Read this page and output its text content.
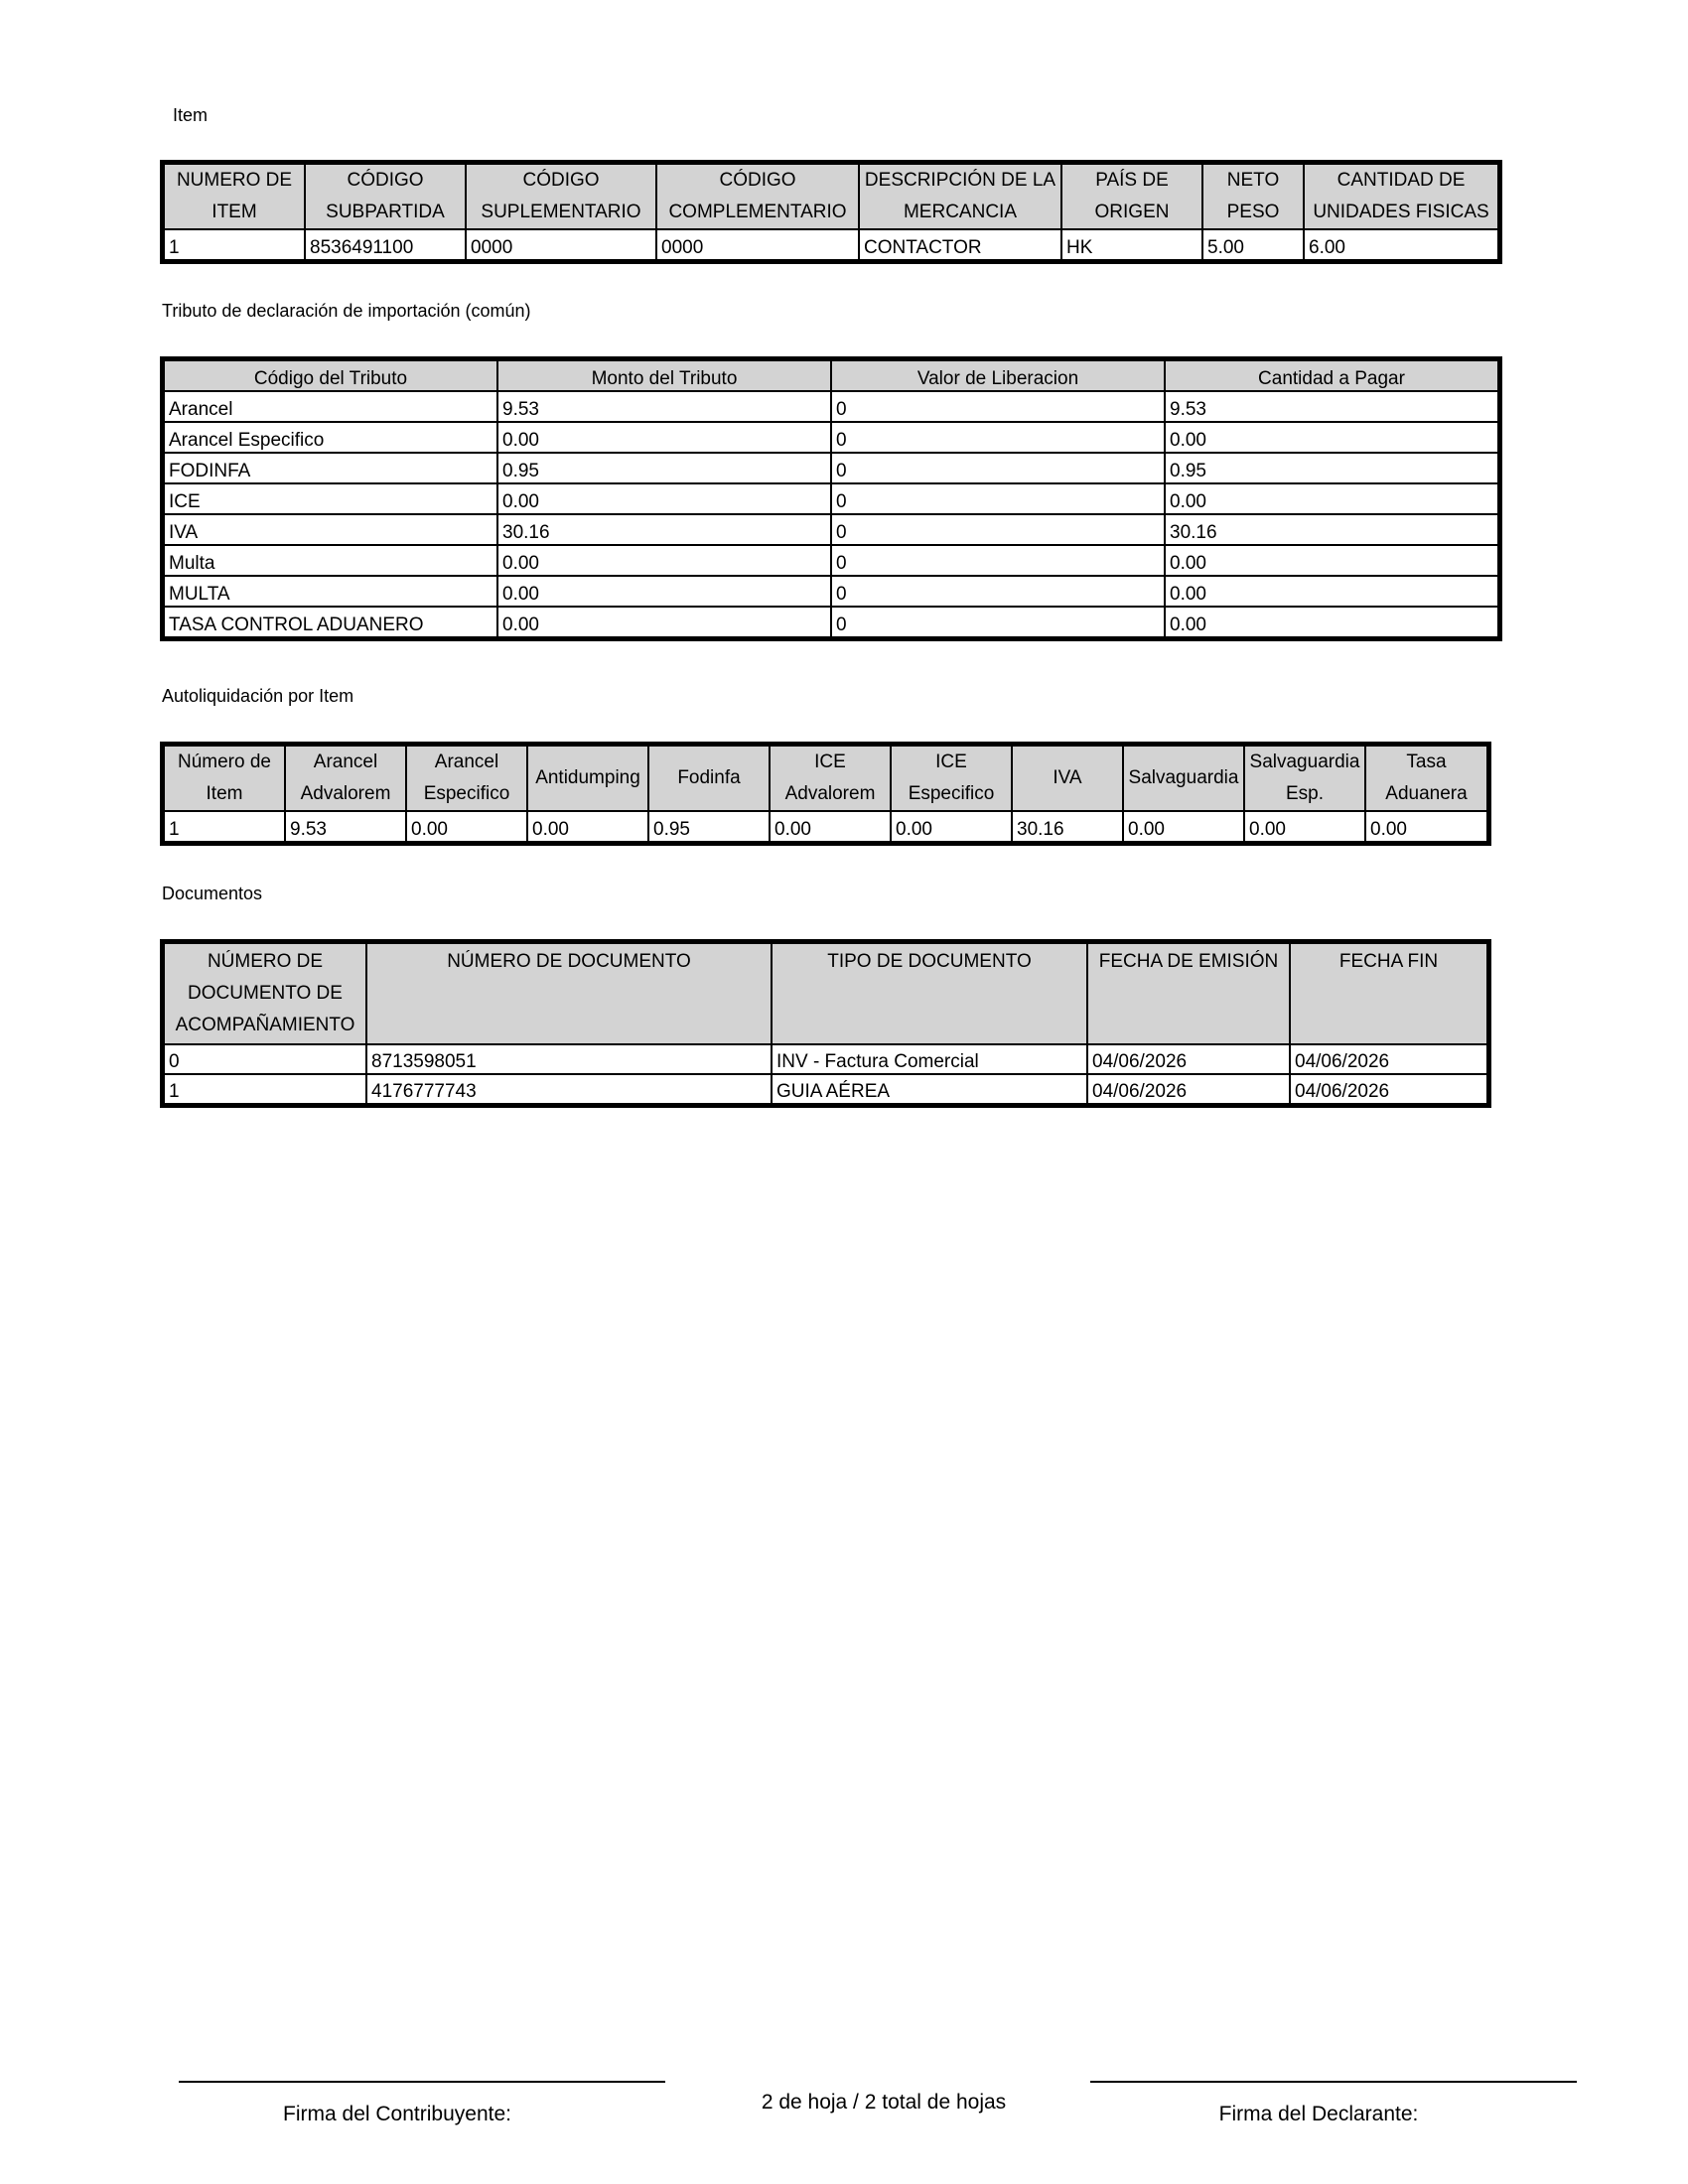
Item
NUMERO DE ITEM	CÓDIGO SUBPARTIDA	CÓDIGO SUPLEMENTARIO	CÓDIGO COMPLEMENTARIO	DESCRIPCIÓN DE LA MERCANCIA	PAÍS DE ORIGEN	NETO PESO	CANTIDAD DE UNIDADES FISICAS
1	8536491100	0000	0000	CONTACTOR	HK	5.00	6.00
Tributo de declaración de importación (común)
Código del Tributo	Monto del Tributo	Valor de Liberacion	Cantidad a Pagar
Arancel	9.53	0	9.53
Arancel Especifico	0.00	0	0.00
FODINFA	0.95	0	0.95
ICE	0.00	0	0.00
IVA	30.16	0	30.16
Multa	0.00	0	0.00
MULTA	0.00	0	0.00
TASA CONTROL ADUANERO	0.00	0	0.00
Autoliquidación por Item
Número de Item	Arancel Advalorem	Arancel Especifico	Antidumping	Fodinfa	ICE Advalorem	ICE Especifico	IVA	Salvaguardia	Salvaguardia Esp.	Tasa Aduanera
1	9.53	0.00	0.00	0.95	0.00	0.00	30.16	0.00	0.00	0.00
Documentos
NÚMERO DE DOCUMENTO DE ACOMPAÑAMIENTO	NÚMERO DE DOCUMENTO	TIPO DE DOCUMENTO	FECHA DE EMISIÓN	FECHA FIN
0	8713598051	INV - Factura Comercial	04/06/2026	04/06/2026
1	4176777743	GUIA AÉREA	04/06/2026	04/06/2026
Firma del Contribuyente:
2 de hoja / 2 total de hojas
Firma del Declarante:
